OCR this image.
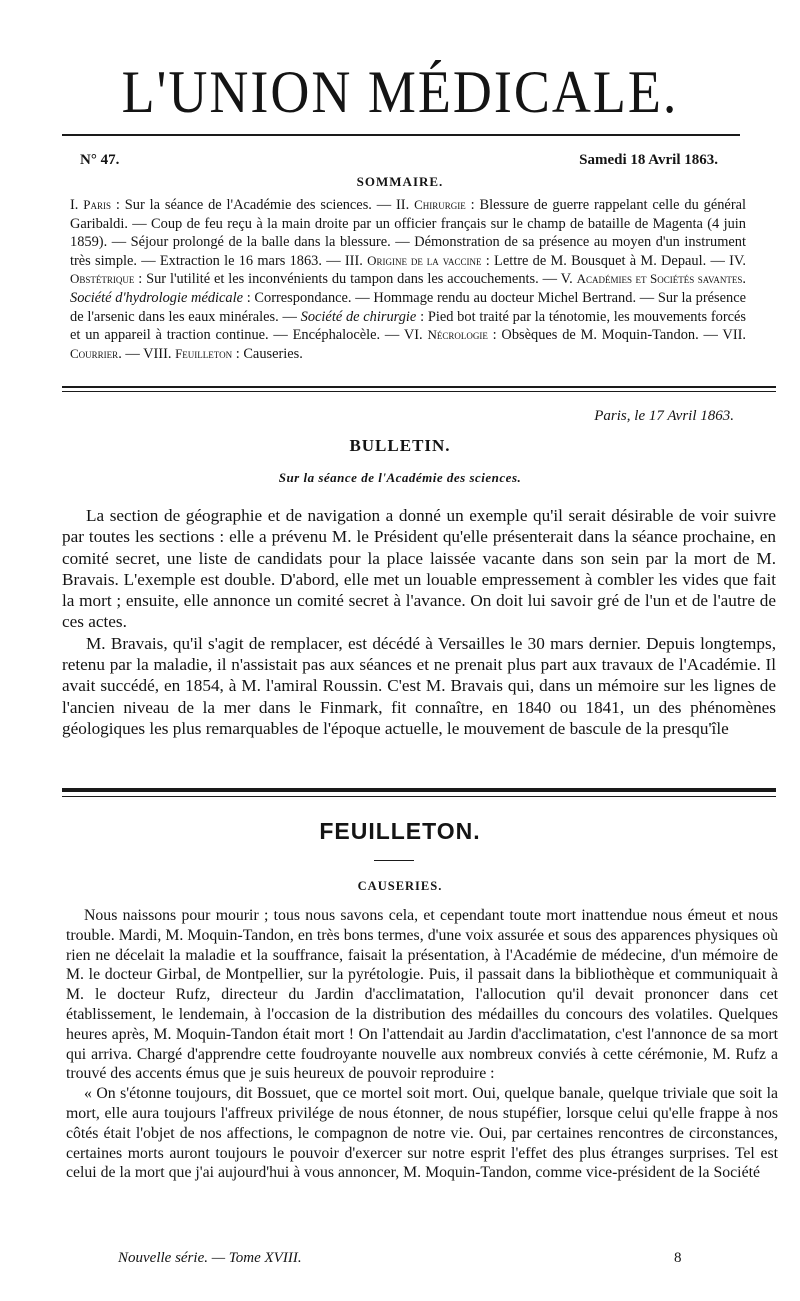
L'UNION MÉDICALE.
N° 47.	Samedi 18 Avril 1863.
SOMMAIRE.
I. Paris : Sur la séance de l'Académie des sciences. — II. Chirurgie : Blessure de guerre rappelant celle du général Garibaldi. — Coup de feu reçu à la main droite par un officier français sur le champ de bataille de Magenta (4 juin 1859). — Séjour prolongé de la balle dans la blessure. — Démonstration de sa présence au moyen d'un instrument très simple. — Extraction le 16 mars 1863. — III. Origine de la vaccine : Lettre de M. Bousquet à M. Depaul. — IV. Obstétrique : Sur l'utilité et les inconvénients du tampon dans les accouchements. — V. Académies et Sociétés savantes. Société d'hydrologie médicale : Correspondance. — Hommage rendu au docteur Michel Bertrand. — Sur la présence de l'arsenic dans les eaux minérales. — Société de chirurgie : Pied bot traité par la ténotomie, les mouvements forcés et un appareil à traction continue. — Encéphalocèle. — VI. Nécrologie : Obsèques de M. Moquin-Tandon. — VII. Courrier. — VIII. Feuilleton : Causeries.
Paris, le 17 Avril 1863.
BULLETIN.
Sur la séance de l'Académie des sciences.

La section de géographie et de navigation a donné un exemple qu'il serait désirable de voir suivre par toutes les sections : elle a prévenu M. le Président qu'elle présenterait dans la séance prochaine, en comité secret, une liste de candidats pour la place laissée vacante dans son sein par la mort de M. Bravais. L'exemple est double. D'abord, elle met un louable empressement à combler les vides que fait la mort ; ensuite, elle annonce un comité secret à l'avance. On doit lui savoir gré de l'un et de l'autre de ces actes.

M. Bravais, qu'il s'agit de remplacer, est décédé à Versailles le 30 mars dernier. Depuis longtemps, retenu par la maladie, il n'assistait pas aux séances et ne prenait plus part aux travaux de l'Académie. Il avait succédé, en 1854, à M. l'amiral Roussin. C'est M. Bravais qui, dans un mémoire sur les lignes de l'ancien niveau de la mer dans le Finmark, fit connaître, en 1840 ou 1841, un des phénomènes géologiques les plus remarquables de l'époque actuelle, le mouvement de bascule de la presqu'île

FEUILLETON.
CAUSERIES.

Nous naissons pour mourir ; tous nous savons cela, et cependant toute mort inattendue nous émeut et nous trouble. Mardi, M. Moquin-Tandon, en très bons termes, d'une voix assurée et sous des apparences physiques où rien ne décelait la maladie et la souffrance, faisait la présentation, à l'Académie de médecine, d'un mémoire de M. le docteur Girbal, de Montpellier, sur la pyrétologie. Puis, il passait dans la bibliothèque et communiquait à M. le docteur Rufz, directeur du Jardin d'acclimatation, l'allocution qu'il devait prononcer dans cet établissement, le lendemain, à l'occasion de la distribution des médailles du concours des volatiles. Quelques heures après, M. Moquin-Tandon était mort ! On l'attendait au Jardin d'acclimatation, c'est l'annonce de sa mort qui arriva. Chargé d'apprendre cette foudroyante nouvelle aux nombreux conviés à cette cérémonie, M. Rufz a trouvé des accents émus que je suis heureux de pouvoir reproduire :

« On s'étonne toujours, dit Bossuet, que ce mortel soit mort. Oui, quelque banale, quelque triviale que soit la mort, elle aura toujours l'affreux privilége de nous étonner, de nous stupéfier, lorsque celui qu'elle frappe à nos côtés était l'objet de nos affections, le compagnon de notre vie. Oui, par certaines rencontres de circonstances, certaines morts auront toujours le pouvoir d'exercer sur notre esprit l'effet des plus étranges surprises. Tel est celui de la mort que j'ai aujourd'hui à vous annoncer, M. Moquin-Tandon, comme vice-président de la Société

Nouvelle série. — Tome XVIII.	8
